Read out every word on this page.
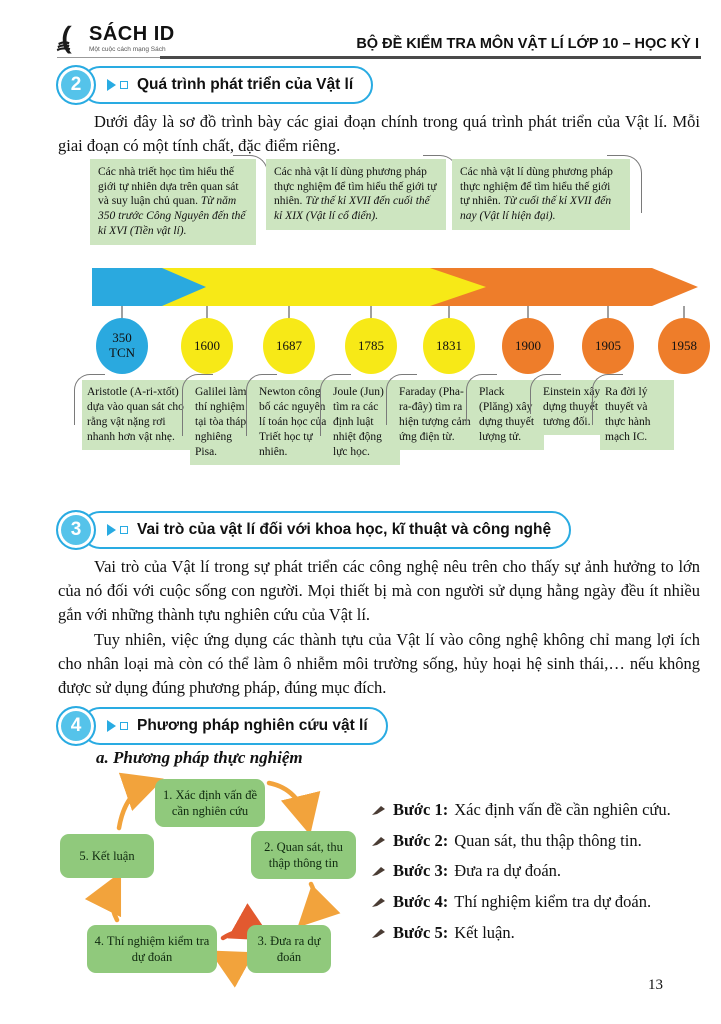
SÁCH ID
Một cuộc cách mạng Sách	BỘ ĐỀ KIỂM TRA MÔN VẬT LÍ LỚP 10 – HỌC KỲ I
2	Quá trình phát triển của Vật lí
Dưới đây là sơ đồ trình bày các giai đoạn chính trong quá trình phát triển của Vật lí. Mỗi giai đoạn có một tính chất, đặc điểm riêng.
Các nhà triết học tìm hiểu thế giới tự nhiên dựa trên quan sát và suy luận chủ quan. Từ năm 350 trước Công Nguyên đến thế kỉ XVI (Tiền vật lí).
Các nhà vật lí dùng phương pháp thực nghiệm để tìm hiểu thế giới tự nhiên. Từ thế kỉ XVII đến cuối thế kỉ XIX (Vật lí cổ điển).
Các nhà vật lí dùng phương pháp thực nghiệm để tìm hiểu thế giới tự nhiên. Từ cuối thế kỉ XVII đến nay (Vật lí hiện đại).
350 TCN	1600	1687	1785	1831	1900	1905	1958
Aristotle (A-ri-xtốt) dựa vào quan sát cho rằng vật nặng rơi nhanh hơn vật nhẹ.
Galilei làm thí nghiệm tại tòa tháp nghiêng Pisa.
Newton công bố các nguyên lí toán học của Triết học tự nhiên.
Joule (Jun) tìm ra các định luật nhiệt động lực học.
Faraday (Pha-ra-đây) tìm ra hiện tượng cảm ứng điện từ.
Plack (Plăng) xây dựng thuyết lượng tử.
Einstein xây dựng thuyết tương đối.
Ra đời lý thuyết và thực hành mạch IC.
3	Vai trò của vật lí đối với khoa học, kĩ thuật và công nghệ
Vai trò của Vật lí trong sự phát triển các công nghệ nêu trên cho thấy sự ảnh hưởng to lớn của nó đối với cuộc sống con người. Mọi thiết bị mà con người sử dụng hằng ngày đều ít nhiều gắn với những thành tựu nghiên cứu của Vật lí.
Tuy nhiên, việc ứng dụng các thành tựu của Vật lí vào công nghệ không chỉ mang lợi ích cho nhân loại mà còn có thể làm ô nhiễm môi trường sống, hủy hoại hệ sinh thái,… nếu không được sử dụng đúng phương pháp, đúng mục đích.
4	Phương pháp nghiên cứu vật lí
a. Phương pháp thực nghiệm
1. Xác định vấn đề cần nghiên cứu
2. Quan sát, thu thập thông tin
3. Đưa ra dự đoán
4. Thí nghiệm kiểm tra dự đoán
5. Kết luận
Bước 1: Xác định vấn đề cần nghiên cứu.
Bước 2: Quan sát, thu thập thông tin.
Bước 3: Đưa ra dự đoán.
Bước 4: Thí nghiệm kiểm tra dự đoán.
Bước 5: Kết luận.
13
